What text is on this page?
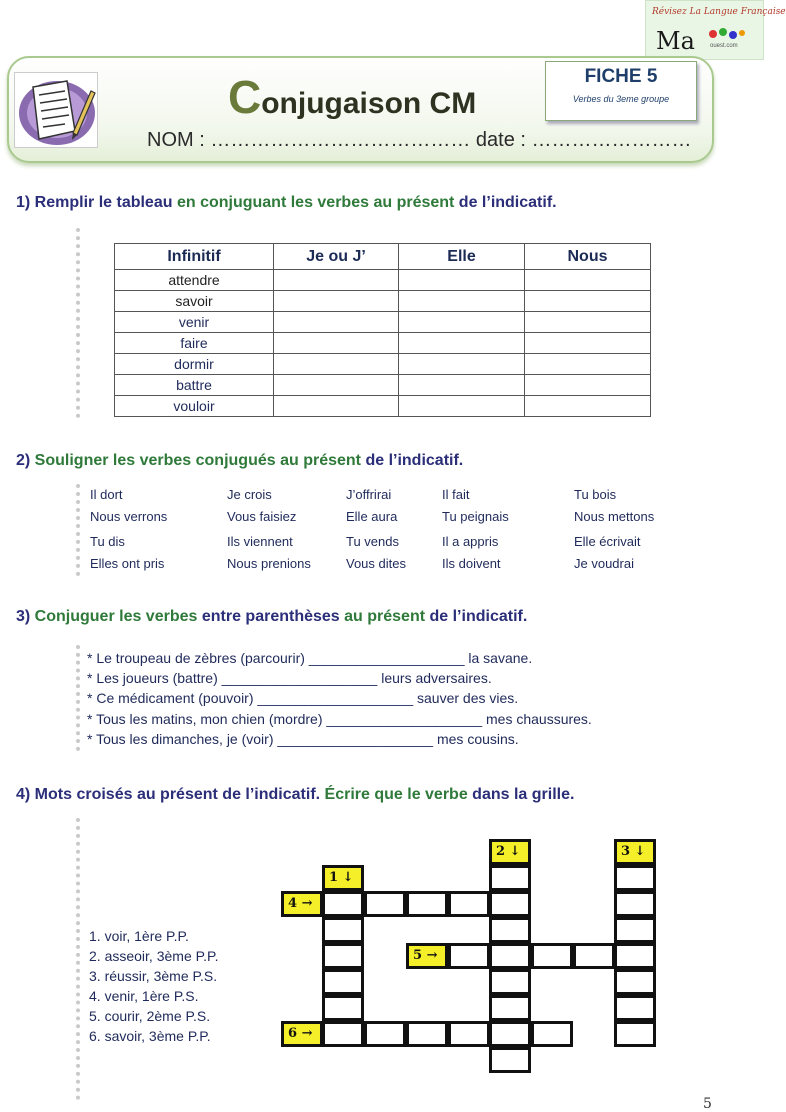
Révisez La Langue Française
Ma	ouest.com
Conjugaison CM
NOM : ………………………………… date : ……………………
FICHE 5
Verbes du 3eme groupe
1) Remplir le tableau en conjuguant les verbes au présent de l’indicatif.
Infinitif	Je ou J’	Elle	Nous
attendre			
savoir			
venir			
faire			
dormir			
battre			
vouloir			
2) Souligner les verbes conjugués au présent de l’indicatif.
Il dort	Je crois	J’offrirai	Il fait	Tu bois
Nous verrons	Vous faisiez	Elle aura	Tu peignais	Nous mettons
Tu dis	Ils viennent	Tu vends	Il a appris	Elle écrivait
Elles ont pris	Nous prenions	Vous dites	Ils doivent	Je voudrai
3) Conjuguer les verbes entre parenthèses au présent de l’indicatif.
* Le troupeau de zèbres (parcourir) ____________________ la savane.
* Les joueurs (battre) ____________________ leurs adversaires.
* Ce médicament (pouvoir) ____________________ sauver des vies.
* Tous les matins, mon chien (mordre) ____________________ mes chaussures.
* Tous les dimanches, je (voir) ____________________ mes cousins.
4) Mots croisés au présent de l’indicatif. Écrire que le verbe dans la grille.
1. voir, 1ère P.P.
2. asseoir, 3ème P.P.
3. réussir, 3ème P.S.
4. venir, 1ère P.S.
5. courir, 2ème P.S.
6. savoir, 3ème P.P.
2 ↓	3 ↓
1 ↓
4 →
5 →
6 →
5
